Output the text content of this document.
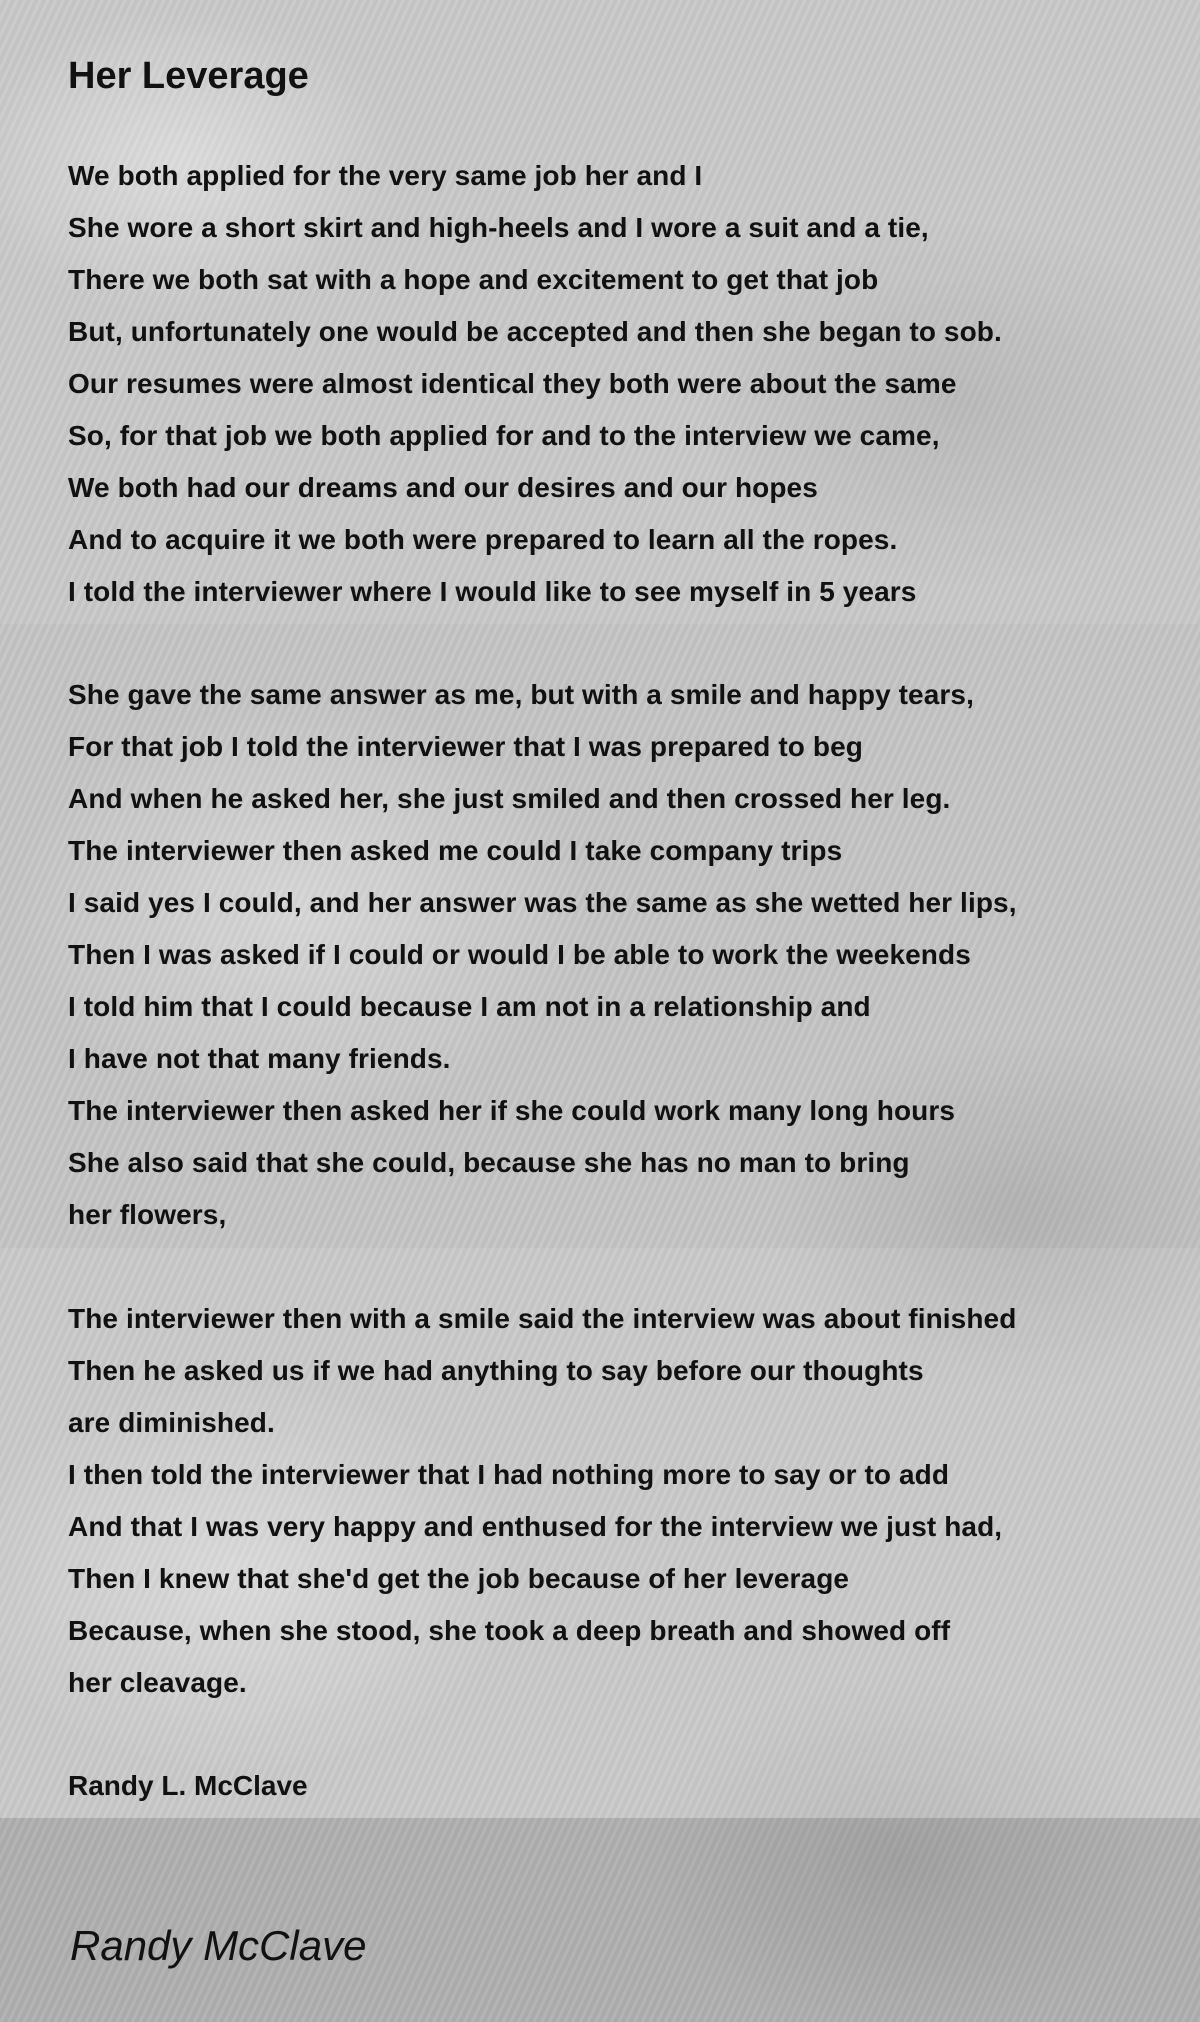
Her Leverage
We both applied for the very same job her and I
She wore a short skirt and high-heels and I wore a suit and a tie,
There we both sat with a hope and excitement to get that job
But, unfortunately one would be accepted and then she began to sob.
Our resumes were almost identical they both were about the same
So, for that job we both applied for and to the interview we came,
We both had our dreams and our desires and our hopes
And to acquire it we both were prepared to learn all the ropes.
I told the interviewer where I would like to see myself in 5 years
She gave the same answer as me, but with a smile and happy tears,
For that job I told the interviewer that I was prepared to beg
And when he asked her, she just smiled and then crossed her leg.
The interviewer then asked me could I take company trips
I said yes I could, and her answer was the same as she wetted her lips,
Then I was asked if I could or would I be able to work the weekends
I told him that I could because I am not in a relationship and
I have not that many friends.
The interviewer then asked her if she could work many long hours
She also said that she could, because she has no man to bring
her flowers,
The interviewer then with a smile said the interview was about finished
Then he asked us if we had anything to say before our thoughts
are diminished.
I then told the interviewer that I had nothing more to say or to add
And that I was very happy and enthused for the interview we just had,
Then I knew that she'd get the job because of her leverage
Because, when she stood, she took a deep breath and showed off
her cleavage.

Randy L. McClave

Randy McClave
